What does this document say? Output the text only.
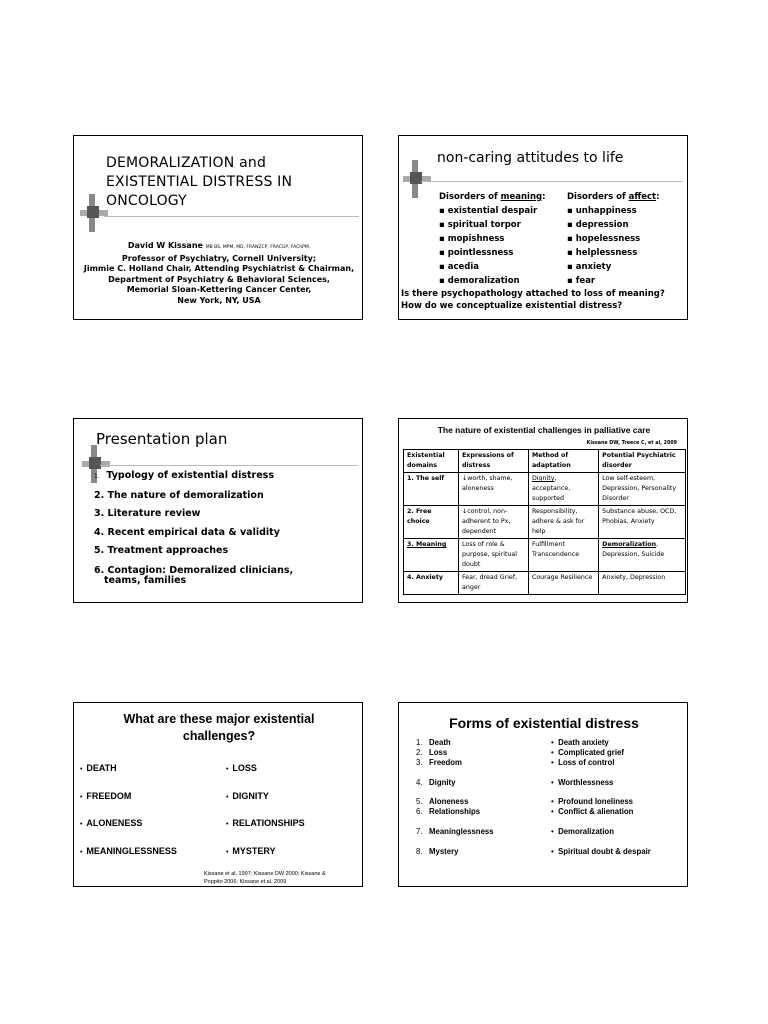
DEMORALIZATION and
EXISTENTIAL DISTRESS IN
ONCOLOGY
David W Kissane MB BS, MPM, MD, FRANZCP, FRACGP, FAChPM.
Professor of Psychiatry, Cornell University;
Jimmie C. Holland Chair, Attending Psychiatrist & Chairman,
Department of Psychiatry & Behavioral Sciences,
Memorial Sloan-Kettering Cancer Center,
New York, NY, USA
non-caring attitudes to life
Disorders of meaning:
▪ existential despair
▪ spiritual torpor
▪ mopishness
▪ pointlessness
▪ acedia
▪ demoralization
Disorders of affect:
▪ unhappiness
▪ depression
▪ hopelessness
▪ helplessness
▪ anxiety
▪ fear
Is there psychopathology attached to loss of meaning?
How do we conceptualize existential distress?
Presentation plan
1. Typology of existential distress
2. The nature of demoralization
3. Literature review
4. Recent empirical data & validity
5. Treatment approaches
6. Contagion: Demoralized clinicians,
teams, families
The nature of existential challenges in palliative care
Kissane DW, Treece C, et al, 2009
Existential domains	Expressions of distress	Method of adaptation	Potential Psychiatric disorder
1. The self	↓worth, shame, aloneness	Dignity, acceptance, supported	Low self-esteem, Depression, Personality Disorder
2. Free choice	↓control, non-adherent to Px, dependent	Responsibility, adhere & ask for help	Substance abuse, OCD, Phobias, Anxiety
3. Meaning	Loss of role & purpose, spiritual doubt	Fulfillment Transcendence	Demoralization, Depression, Suicide
4. Anxiety	Fear, dread Grief, anger	Courage Resilience	Anxiety, Depression
What are these major existential
challenges?
•  DEATH
•  FREEDOM
•  ALONENESS
•  MEANINGLESSNESS
•  LOSS
•  DIGNITY
•  RELATIONSHIPS
•  MYSTERY
Kissane et al, 1997; Kissane DW 2000; Kissane &
Poppito 2006; Kissane et al, 2009
Forms of existential distress
1. Death	•  Death anxiety
2. Loss	•  Complicated grief
3. Freedom	•  Loss of control
4. Dignity	•  Worthlessness
5. Aloneness	•  Profound loneliness
6. Relationships	•  Conflict & alienation
7. Meaninglessness	•  Demoralization
8. Mystery	•  Spiritual doubt & despair
